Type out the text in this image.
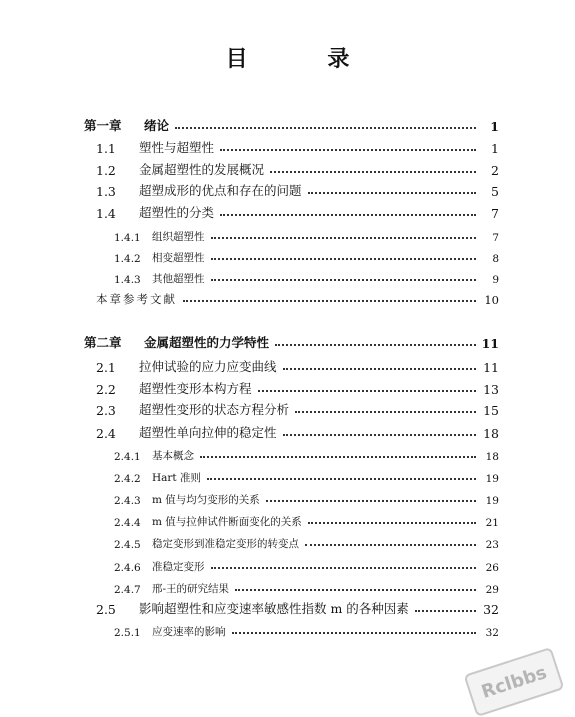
目 录
第一章	绪论	1
1.1	塑性与超塑性	1
1.2	金属超塑性的发展概况	2
1.3	超塑成形的优点和存在的问题	5
1.4	超塑性的分类	7
1.4.1	组织超塑性	7
1.4.2	相变超塑性	8
1.4.3	其他超塑性	9
本章参考文献	10
第二章	金属超塑性的力学特性	11
2.1	拉伸试验的应力应变曲线	11
2.2	超塑性变形本构方程	13
2.3	超塑性变形的状态方程分析	15
2.4	超塑性单向拉伸的稳定性	18
2.4.1	基本概念	18
2.4.2	Hart 准则	19
2.4.3	m 值与均匀变形的关系	19
2.4.4	m 值与拉伸试件断面变化的关系	21
2.4.5	稳定变形到准稳定变形的转变点	23
2.4.6	准稳定变形	26
2.4.7	邢-王的研究结果	29
2.5	影响超塑性和应变速率敏感性指数 m 的各种因素	32
2.5.1	应变速率的影响	32
Rclbbs
